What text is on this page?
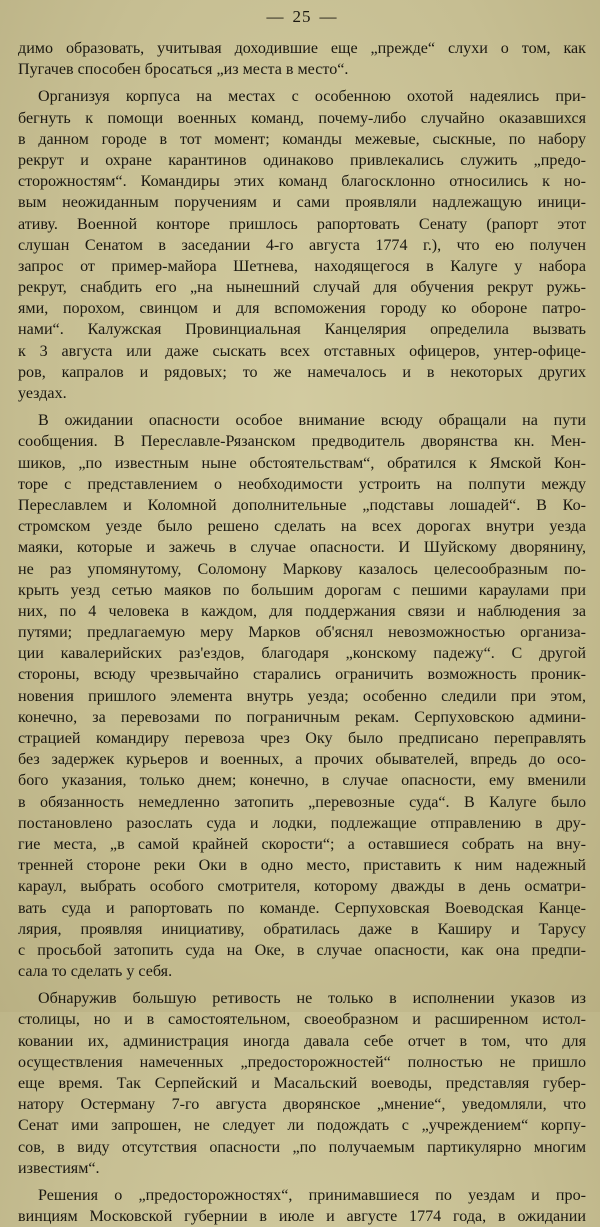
— 25 —
димо образовать, учитывая доходившие еще „прежде“ слухи о том, как
Пугачев способен бросаться „из места в место“.
Организуя корпуса на местах с особенною охотой надеялись при-
бегнуть к помощи военных команд, почему-либо случайно оказавшихся
в данном городе в тот момент; команды межевые, сыскные, по набору
рекрут и охране карантинов одинаково привлекались служить „предо-
сторожностям“. Командиры этих команд благосклонно относились к но-
вым неожиданным поручениям и сами проявляли надлежащую иници-
ативу. Военной конторе пришлось рапортовать Сенату (рапорт этот
слушан Сенатом в заседании 4-го августа 1774 г.), что ею получен
запрос от пример-майора Шетнева, находящегося в Калуге у набора
рекрут, снабдить его „на нынешний случай для обучения рекрут ружь-
ями, порохом, свинцом и для вспоможения городу ко обороне патро-
нами“. Калужская Провинциальная Канцелярия определила вызвать
к 3 августа или даже сыскать всех отставных офицеров, унтер-офице-
ров, капралов и рядовых; то же намечалось и в некоторых других
уездах.
В ожидании опасности особое внимание всюду обращали на пути
сообщения. В Переславле-Рязанском предводитель дворянства кн. Мен-
шиков, „по известным ныне обстоятельствам“, обратился к Ямской Кон-
торе с представлением о необходимости устроить на полпути между
Переславлем и Коломной дополнительные „подставы лошадей“. В Ко-
стромском уезде было решено сделать на всех дорогах внутри уезда
маяки, которые и зажечь в случае опасности. И Шуйскому дворянину,
не раз упомянутому, Соломону Маркову казалось целесообразным по-
крыть уезд сетью маяков по большим дорогам с пешими караулами при
них, по 4 человека в каждом, для поддержания связи и наблюдения за
путями; предлагаемую меру Марков об'яснял невозможностью организа-
ции кавалерийских раз'ездов, благодаря „конскому падежу“. С другой
стороны, всюду чрезвычайно старались ограничить возможность проник-
новения пришлого элемента внутрь уезда; особенно следили при этом,
конечно, за перевозами по пограничным рекам. Серпуховскою админи-
страцией командиру перевоза чрез Оку было предписано переправлять
без задержек курьеров и военных, а прочих обывателей, впредь до осо-
бого указания, только днем; конечно, в случае опасности, ему вменили
в обязанность немедленно затопить „перевозные суда“. В Калуге было
постановлено разослать суда и лодки, подлежащие отправлению в дру-
гие места, „в самой крайней скорости“; а оставшиеся собрать на вну-
тренней стороне реки Оки в одно место, приставить к ним надежный
караул, выбрать особого смотрителя, которому дважды в день осматри-
вать суда и рапортовать по команде. Серпуховская Воеводская Канце-
лярия, проявляя инициативу, обратилась даже в Каширу и Тарусу
с просьбой затопить суда на Оке, в случае опасности, как она предпи-
сала то сделать у себя.
Обнаружив большую ретивость не только в исполнении указов из
столицы, но и в самостоятельном, своеобразном и расширенном истол-
ковании их, администрация иногда давала себе отчет в том, что для
осуществления намеченных „предосторожностей“ полностью не пришло
еще время. Так Серпейский и Масальский воеводы, представляя губер-
натору Остерману 7-го августа дворянское „мнение“, уведомляли, что
Сенат ими запрошен, не следует ли подождать с „учреждением“ корпу-
сов, в виду отсутствия опасности „по получаемым партикулярно многим
известиям“.
Решения о „предосторожностях“, принимавшиеся по уездам и про-
винциям Московской губернии в июле и августе 1774 года, в ожидании
